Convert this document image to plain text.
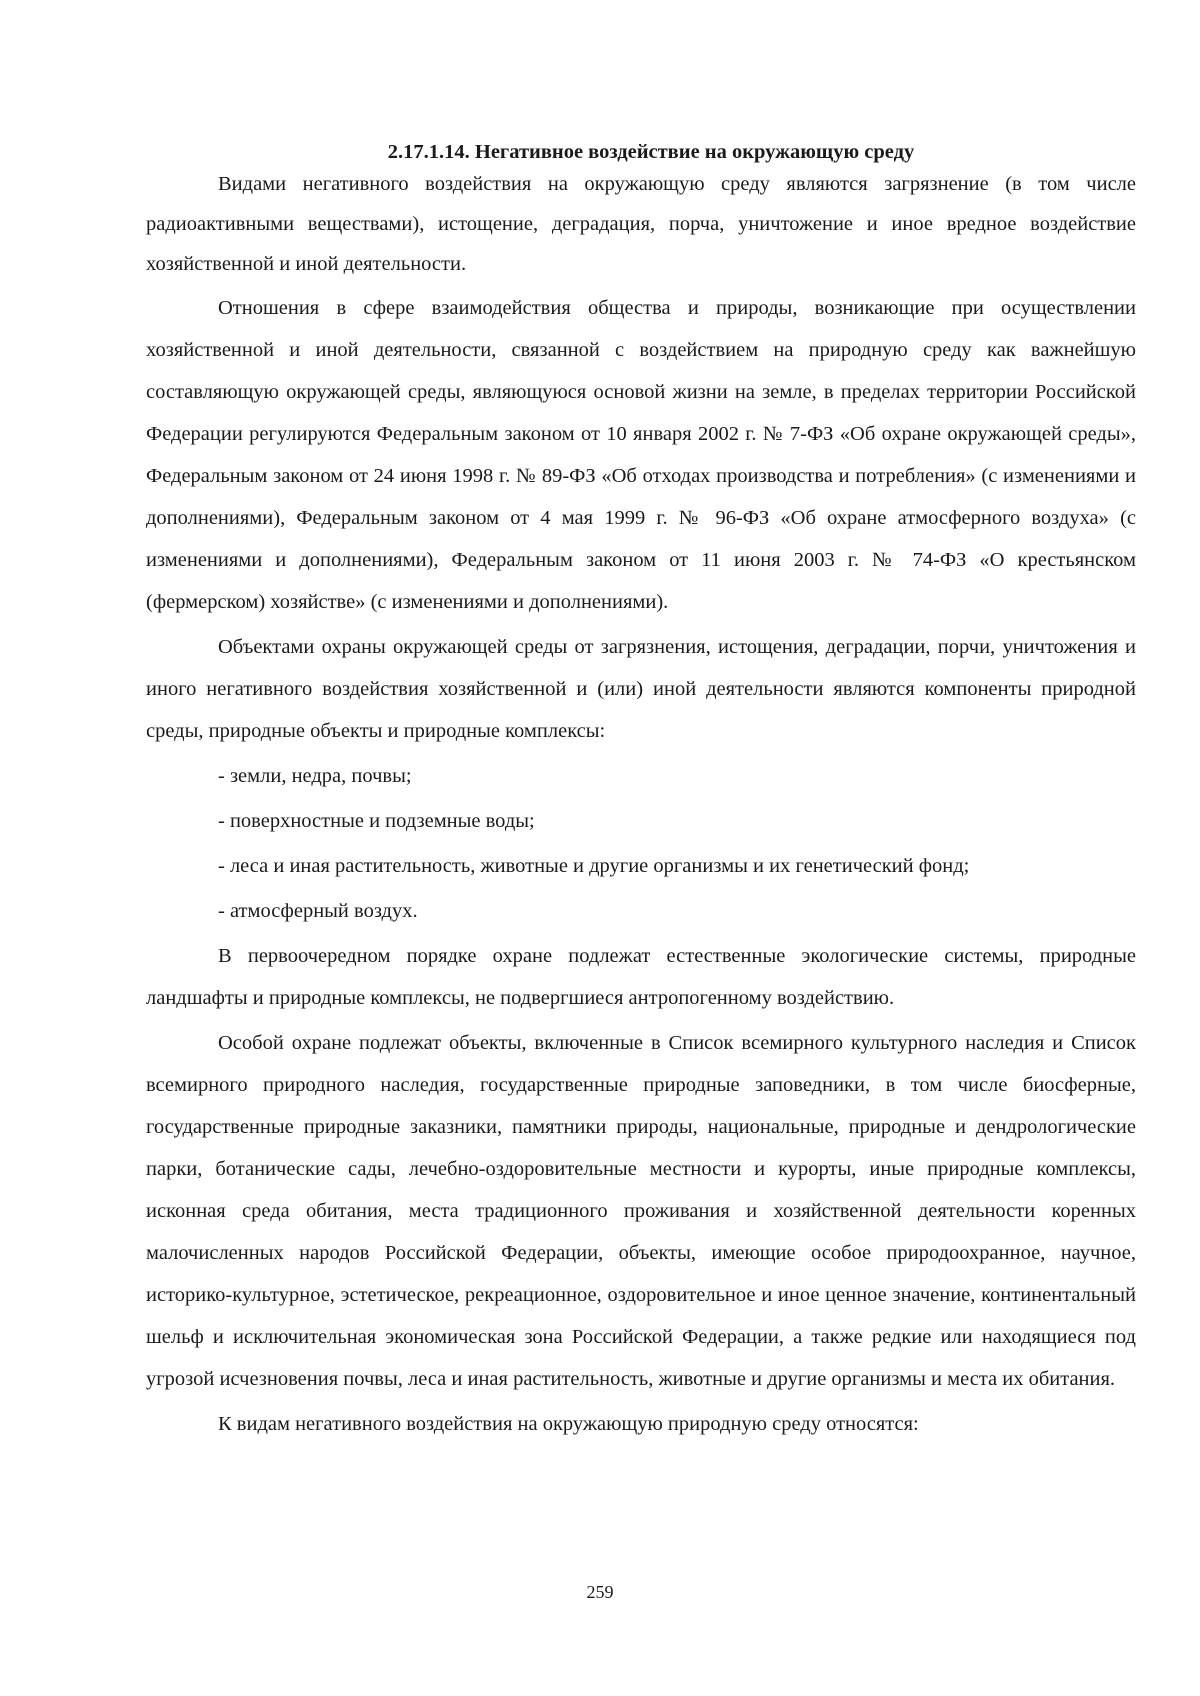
2.17.1.14. Негативное воздействие на окружающую среду

Видами негативного воздействия на окружающую среду являются загрязнение (в том числе радиоактивными веществами), истощение, деградация, порча, уничтожение и иное вредное воздействие хозяйственной и иной деятельности.

Отношения в сфере взаимодействия общества и природы, возникающие при осуществлении хозяйственной и иной деятельности, связанной с воздействием на природную среду как важнейшую составляющую окружающей среды, являющуюся основой жизни на земле, в пределах территории Российской Федерации регулируются Федеральным законом от 10 января 2002 г. № 7-ФЗ «Об охране окружающей среды», Федеральным законом от 24 июня 1998 г. № 89-ФЗ «Об отходах производства и потребления» (с изменениями и дополнениями), Федеральным законом от 4 мая 1999 г. № 96-ФЗ «Об охране атмосферного воздуха» (с изменениями и дополнениями), Федеральным законом от 11 июня 2003 г. № 74-ФЗ «О крестьянском (фермерском) хозяйстве» (с изменениями и дополнениями).

Объектами охраны окружающей среды от загрязнения, истощения, деградации, порчи, уничтожения и иного негативного воздействия хозяйственной и (или) иной деятельности являются компоненты природной среды, природные объекты и природные комплексы:

- земли, недра, почвы;
- поверхностные и подземные воды;
- леса и иная растительность, животные и другие организмы и их генетический фонд;
- атмосферный воздух.

В первоочередном порядке охране подлежат естественные экологические системы, природные ландшафты и природные комплексы, не подвергшиеся антропогенному воздействию.

Особой охране подлежат объекты, включенные в Список всемирного культурного наследия и Список всемирного природного наследия, государственные природные заповедники, в том числе биосферные, государственные природные заказники, памятники природы, национальные, природные и дендрологические парки, ботанические сады, лечебно-оздоровительные местности и курорты, иные природные комплексы, исконная среда обитания, места традиционного проживания и хозяйственной деятельности коренных малочисленных народов Российской Федерации, объекты, имеющие особое природоохранное, научное, историко-культурное, эстетическое, рекреационное, оздоровительное и иное ценное значение, континентальный шельф и исключительная экономическая зона Российской Федерации, а также редкие или находящиеся под угрозой исчезновения почвы, леса и иная растительность, животные и другие организмы и места их обитания.

К видам негативного воздействия на окружающую природную среду относятся:

259
